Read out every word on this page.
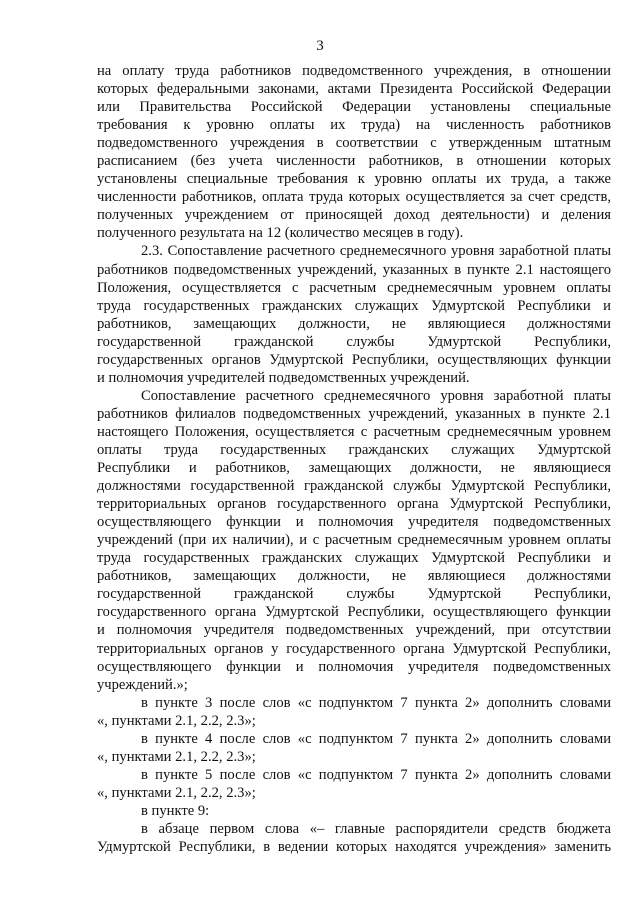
3
на оплату труда работников подведомственного учреждения, в отношении
которых федеральными законами, актами Президента Российской Федерации
или Правительства Российской Федерации установлены специальные
требования к уровню оплаты их труда) на численность работников
подведомственного учреждения в соответствии с утвержденным штатным
расписанием (без учета численности работников, в отношении которых
установлены специальные требования к уровню оплаты их труда, а также
численности работников, оплата труда которых осуществляется за счет средств,
полученных учреждением от приносящей доход деятельности) и деления
полученного результата на 12 (количество месяцев в году).
2.3. Сопоставление расчетного среднемесячного уровня заработной платы
работников подведомственных учреждений, указанных в пункте 2.1 настоящего
Положения, осуществляется с расчетным среднемесячным уровнем оплаты
труда государственных гражданских служащих Удмуртской Республики и
работников, замещающих должности, не являющиеся должностями
государственной гражданской службы Удмуртской Республики,
государственных органов Удмуртской Республики, осуществляющих функции
и полномочия учредителей подведомственных учреждений.
Сопоставление расчетного среднемесячного уровня заработной платы
работников филиалов подведомственных учреждений, указанных в пункте 2.1
настоящего Положения, осуществляется с расчетным среднемесячным уровнем
оплаты труда государственных гражданских служащих Удмуртской
Республики и работников, замещающих должности, не являющиеся
должностями государственной гражданской службы Удмуртской Республики,
территориальных органов государственного органа Удмуртской Республики,
осуществляющего функции и полномочия учредителя подведомственных
учреждений (при их наличии), и с расчетным среднемесячным уровнем оплаты
труда государственных гражданских служащих Удмуртской Республики и
работников, замещающих должности, не являющиеся должностями
государственной гражданской службы Удмуртской Республики,
государственного органа Удмуртской Республики, осуществляющего функции
и полномочия учредителя подведомственных учреждений, при отсутствии
территориальных органов у государственного органа Удмуртской Республики,
осуществляющего функции и полномочия учредителя подведомственных
учреждений.»;
в пункте 3 после слов «с подпунктом 7 пункта 2» дополнить словами
«, пунктами 2.1, 2.2, 2.3»;
в пункте 4 после слов «с подпунктом 7 пункта 2» дополнить словами
«, пунктами 2.1, 2.2, 2.3»;
в пункте 5 после слов «с подпунктом 7 пункта 2» дополнить словами
«, пунктами 2.1, 2.2, 2.3»;
в пункте 9:
в абзаце первом слова «– главные распорядители средств бюджета
Удмуртской Республики, в ведении которых находятся учреждения» заменить
